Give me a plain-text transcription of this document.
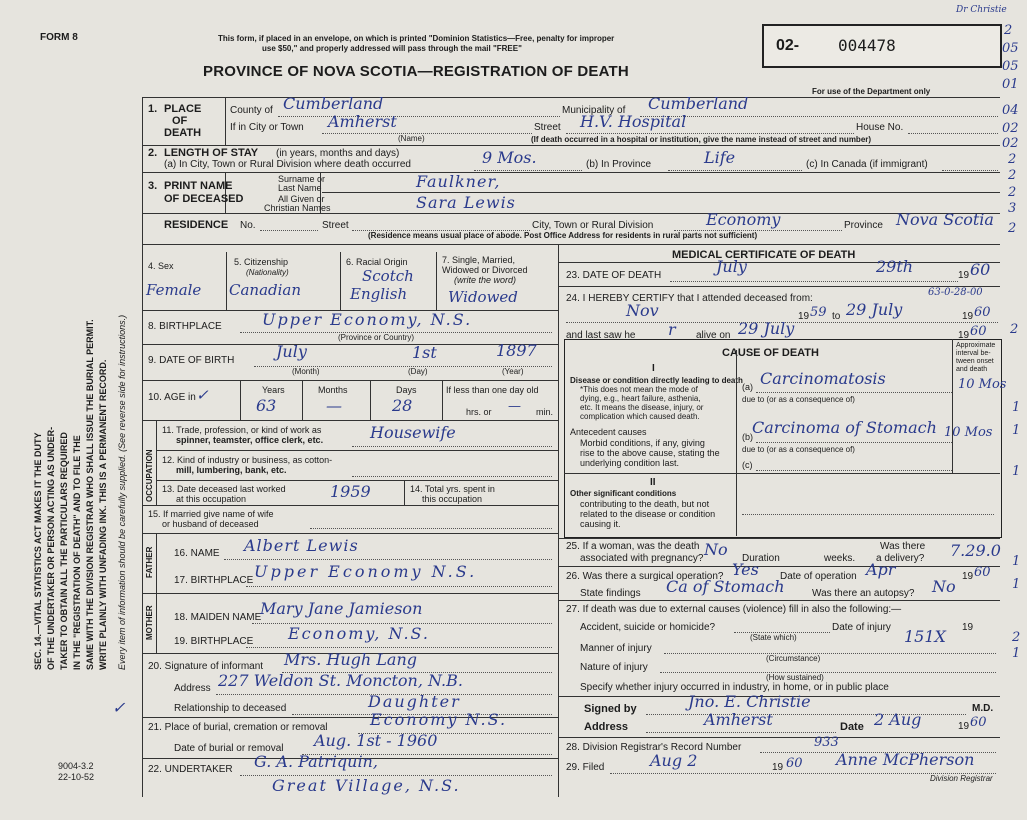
FORM 8	This form, if placed in an envelope, on which is printed "Dominion Statistics—Free, penalty for improper
use $50," and properly addressed will pass through the mail "FREE"
PROVINCE OF NOVA SCOTIA—REGISTRATION OF DEATH
02- 004478
Dr Christie
For use of the Department only
2
05
05
01
04
02
02
2
2
2
3
2
2
1
1
1
1
1
2
1
SEC. 14.—VITAL STATISTICS ACT MAKES IT THE DUTY OF THE UNDERTAKER OR PERSON ACTING AS UNDER- TAKER TO OBTAIN ALL THE PARTICULARS REQUIRED IN THE "REGISTRATION OF DEATH" AND TO FILE THE SAME WITH THE DIVISION REGISTRAR WHO SHALL ISSUE THE BURIAL PERMIT. WRITE PLAINLY WITH UNFADING INK. THIS IS A PERMANENT RECORD. Every item of information should be carefully supplied. (See reverse side for instructions.)
✓
9004-3.2
22-10-52
1. PLACE
OF
DEATH
County of Cumberland	Municipality of Cumberland
If in City or Town Amherst
(Name)
Street H.V. Hospital	House No.
(If death occurred in a hospital or institution, give the name instead of street and number)
2. LENGTH OF STAY (in years, months and days)
(a) In City, Town or Rural Division where death occurred	9 Mos.	(b) In Province	Life	(c) In Canada (if immigrant)
3. PRINT NAME
OF DECEASED
Surname or
Last Name	Faulkner,
All Given or
Christian Names	Sara Lewis
RESIDENCE No.	Street	City, Town or Rural Division	Economy	Province Nova Scotia
(Residence means usual place of abode. Post Office Address for residents in rural parts not sufficient)
4. Sex
Female
5. Citizenship
(Nationality)
Canadian
6. Racial Origin
Scotch
English
7. Single, Married,
Widowed or Divorced
(write the word)
Widowed
8. BIRTHPLACE	Upper Economy, N.S.
(Province or Country)
9. DATE OF BIRTH	July	1st	1897
(Month)	(Day)	(Year)
10. AGE in ✓	Years
63
Months
—
Days
28
If less than one day old
hrs. or — min.
OCCUPATION
11. Trade, profession, or kind of work as
spinner, teamster, office clerk, etc.	Housewife
12. Kind of industry or business, as cotton-
mill, lumbering, bank, etc.
13. Date deceased last worked
at this occupation	1959	14. Total yrs. spent in
this occupation
15. If married give name of wife
or husband of deceased
FATHER
MOTHER
16. NAME Albert Lewis
17. BIRTHPLACE Upper Economy N.S.
18. MAIDEN NAME
Mary Jane Jamieson
19. BIRTHPLACE Economy, N.S.
20. Signature of informant Mrs. Hugh Lang
Address 227 Weldon St. Moncton, N.B.
Relationship to deceased	Daughter
21. Place of burial, cremation or removal	Economy N.S.
Date of burial or removal Aug. 1st - 1960
22. UNDERTAKER G. A. Patriquin,
Great Village, N.S.
MEDICAL CERTIFICATE OF DEATH
23. DATE OF DEATH	July	29th	19 60
24. I HEREBY CERTIFY that I attended deceased from:
63-0-28-00
Nov	19 59 to 29 July	19 60
and last saw he r alive on 29 July	19 60
CAUSE OF DEATH
Approximate
interval be-
tween onset
and death
I
Disease or condition directly leading to death
*This does not mean the mode of
dying, e.g., heart failure, asthenia,
etc. It means the disease, injury, or
complication which caused death.
(a) Carcinomatosis	10 Mos
due to (or as a consequence of)
Antecedent causes
Morbid conditions, if any, giving
rise to the above cause, stating the
underlying condition last.
(b) Carcinoma of Stomach 10 Mos
due to (or as a consequence of)
(c)
II
Other significant conditions
contributing to the death, but not
related to the disease or condition
causing it.
25. If a woman, was the death
associated with pregnancy? No Duration	weeks.
Was there
a delivery? 7.29.0
26. Was there a surgical operation? Yes Date of operation Apr	19 60
State findings Ca of Stomach	Was there an autopsy? No
27. If death was due to external causes (violence) fill in also the following:—
Accident, suicide or homicide?	Date of injury	19
(State which)
Manner of injury
151X
(Circumstance)
Nature of injury
(How sustained)
Specify whether injury occurred in industry, in home, or in public place
Signed by	Jno. E. Christie	M.D.
Address	Amherst	Date 2 Aug	19 60
28. Division Registrar's Record Number	933
29. Filed	Aug 2	19 60 Anne McPherson
Division Registrar
